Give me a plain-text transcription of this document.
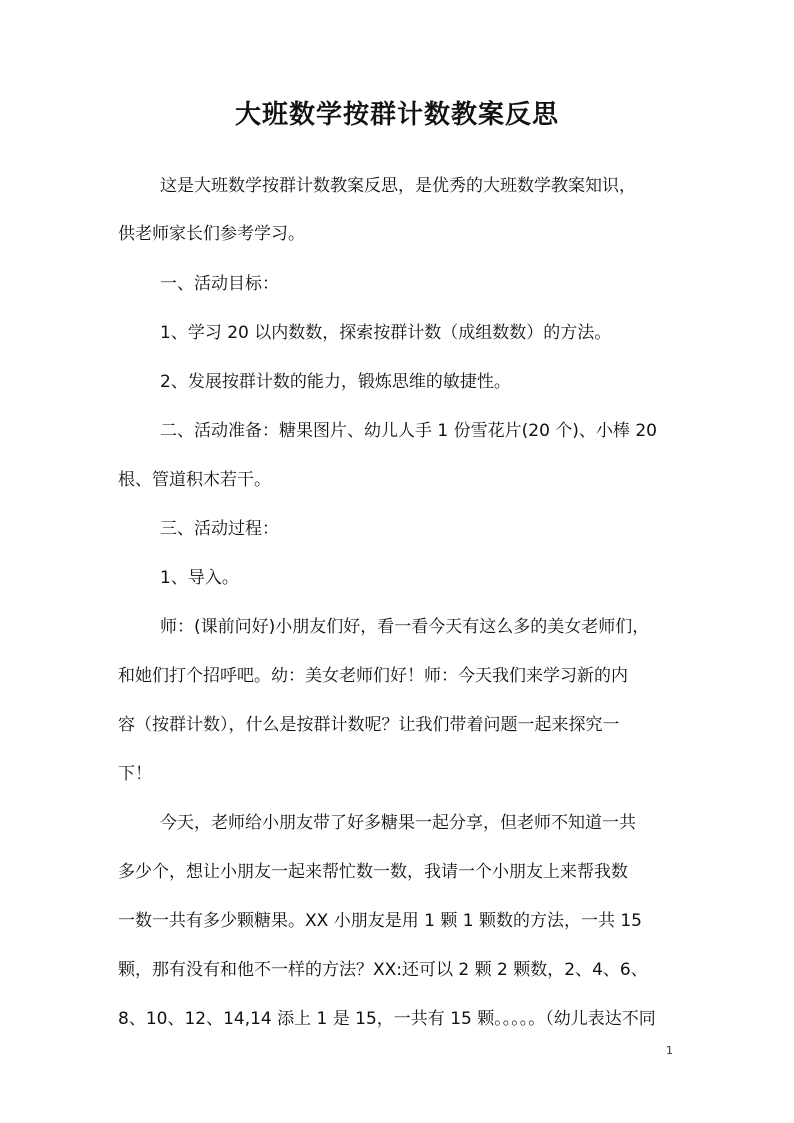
大班数学按群计数教案反思
这是大班数学按群计数教案反思，是优秀的大班数学教案知识，
供老师家长们参考学习。
一、活动目标：
1、学习 20 以内数数，探索按群计数（成组数数）的方法。
2、发展按群计数的能力，锻炼思维的敏捷性。
二、活动准备：糖果图片、幼儿人手 1 份雪花片(20 个)、小棒 20
根、管道积木若干。
三、活动过程：
1、导入。
师：(课前问好)小朋友们好，看一看今天有这么多的美女老师们，
和她们打个招呼吧。幼：美女老师们好！师：今天我们来学习新的内
容（按群计数），什么是按群计数呢？让我们带着问题一起来探究一
下！
今天，老师给小朋友带了好多糖果一起分享，但老师不知道一共
多少个，想让小朋友一起来帮忙数一数，我请一个小朋友上来帮我数
一数一共有多少颗糖果。XX 小朋友是用 1 颗 1 颗数的方法，一共 15
颗，那有没有和他不一样的方法？XX:还可以 2 颗 2 颗数，2、4、6、
8、10、12、14,14 添上 1 是 15，一共有 15 颗。。。。。（幼儿表达不同
1
